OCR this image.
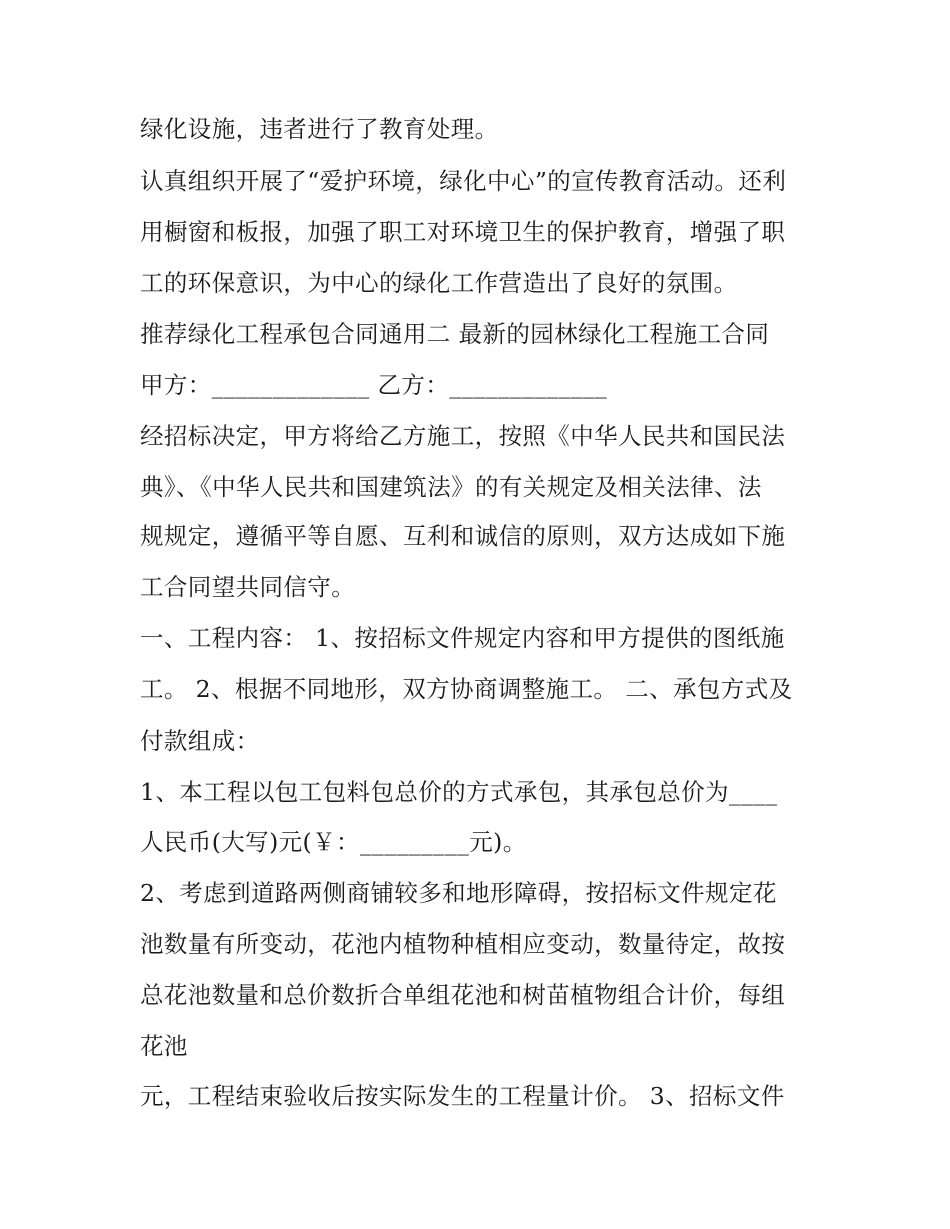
绿化设施，违者进行了教育处理。
认真组织开展了“爱护环境，绿化中心”的宣传教育活动。还利
用橱窗和板报，加强了职工对环境卫生的保护教育，增强了职
工的环保意识，为中心的绿化工作营造出了良好的氛围。
推荐绿化工程承包合同通用二 最新的园林绿化工程施工合同
甲方：_____________ 乙方：_____________
经招标决定，甲方将给乙方施工，按照《中华人民共和国民法
典》、《中华人民共和国建筑法》的有关规定及相关法律、法
规规定，遵循平等自愿、互利和诚信的原则，双方达成如下施
工合同望共同信守。
一、工程内容： 1、按招标文件规定内容和甲方提供的图纸施
工。 2、根据不同地形，双方协商调整施工。 二、承包方式及
付款组成：
1、本工程以包工包料包总价的方式承包，其承包总价为____
人民币(大写)元(￥：_________元)。
2、考虑到道路两侧商铺较多和地形障碍，按招标文件规定花
池数量有所变动，花池内植物种植相应变动，数量待定，故按
总花池数量和总价数折合单组花池和树苗植物组合计价，每组
花池
元，工程结束验收后按实际发生的工程量计价。 3、招标文件
